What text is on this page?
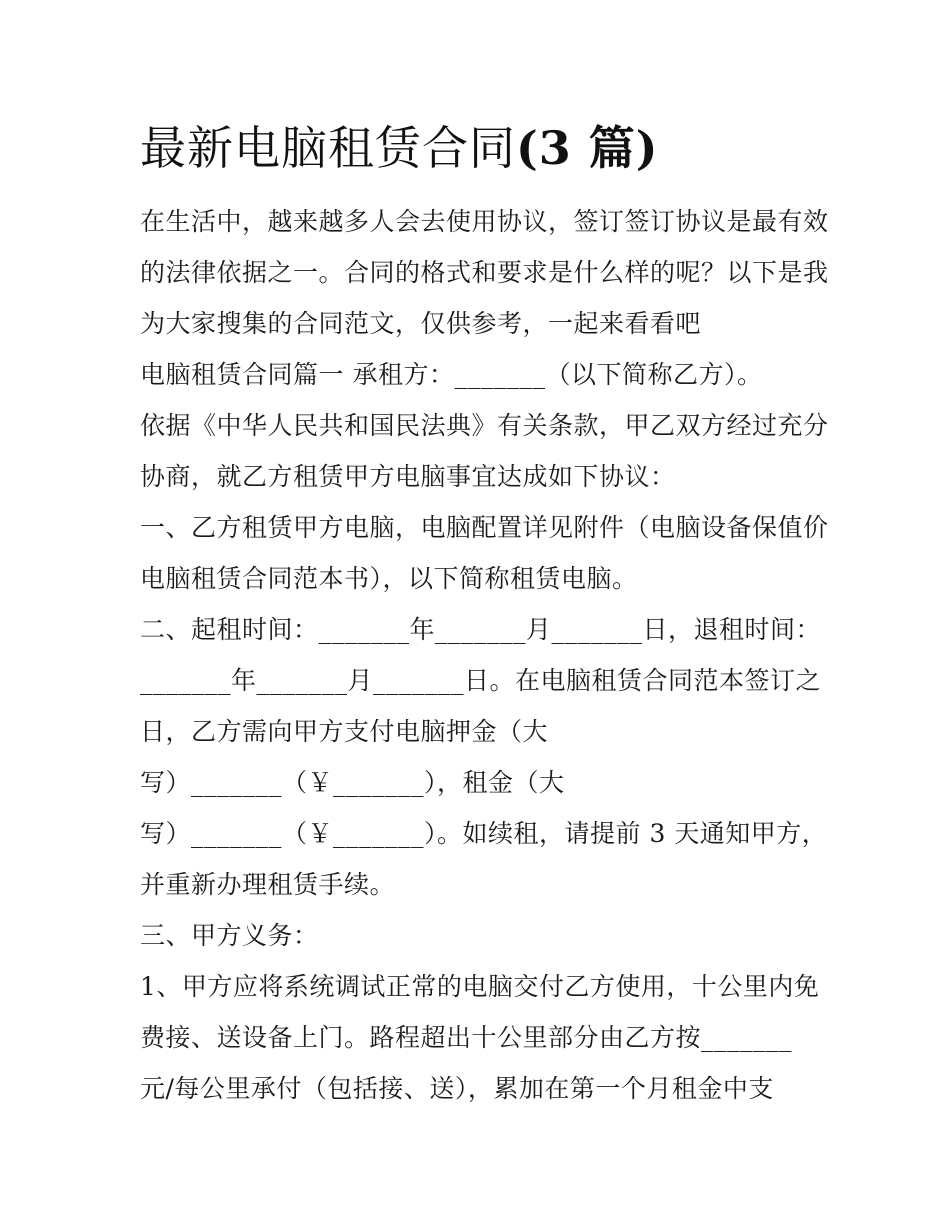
最新电脑租赁合同(3 篇)
在生活中，越来越多人会去使用协议，签订签订协议是最有效
的法律依据之一。合同的格式和要求是什么样的呢？以下是我
为大家搜集的合同范文，仅供参考，一起来看看吧
电脑租赁合同篇一 承租方：_______（以下简称乙方）。
依据《中华人民共和国民法典》有关条款，甲乙双方经过充分
协商，就乙方租赁甲方电脑事宜达成如下协议：
一、乙方租赁甲方电脑，电脑配置详见附件（电脑设备保值价
电脑租赁合同范本书），以下简称租赁电脑。
二、起租时间：_______年_______月_______日，退租时间：
_______年_______月_______日。在电脑租赁合同范本签订之
日，乙方需向甲方支付电脑押金（大
写）_______（￥_______），租金（大
写）_______（￥_______）。如续租，请提前 3 天通知甲方，
并重新办理租赁手续。
三、甲方义务：
1、甲方应将系统调试正常的电脑交付乙方使用，十公里内免
费接、送设备上门。路程超出十公里部分由乙方按_______
元/每公里承付（包括接、送），累加在第一个月租金中支
